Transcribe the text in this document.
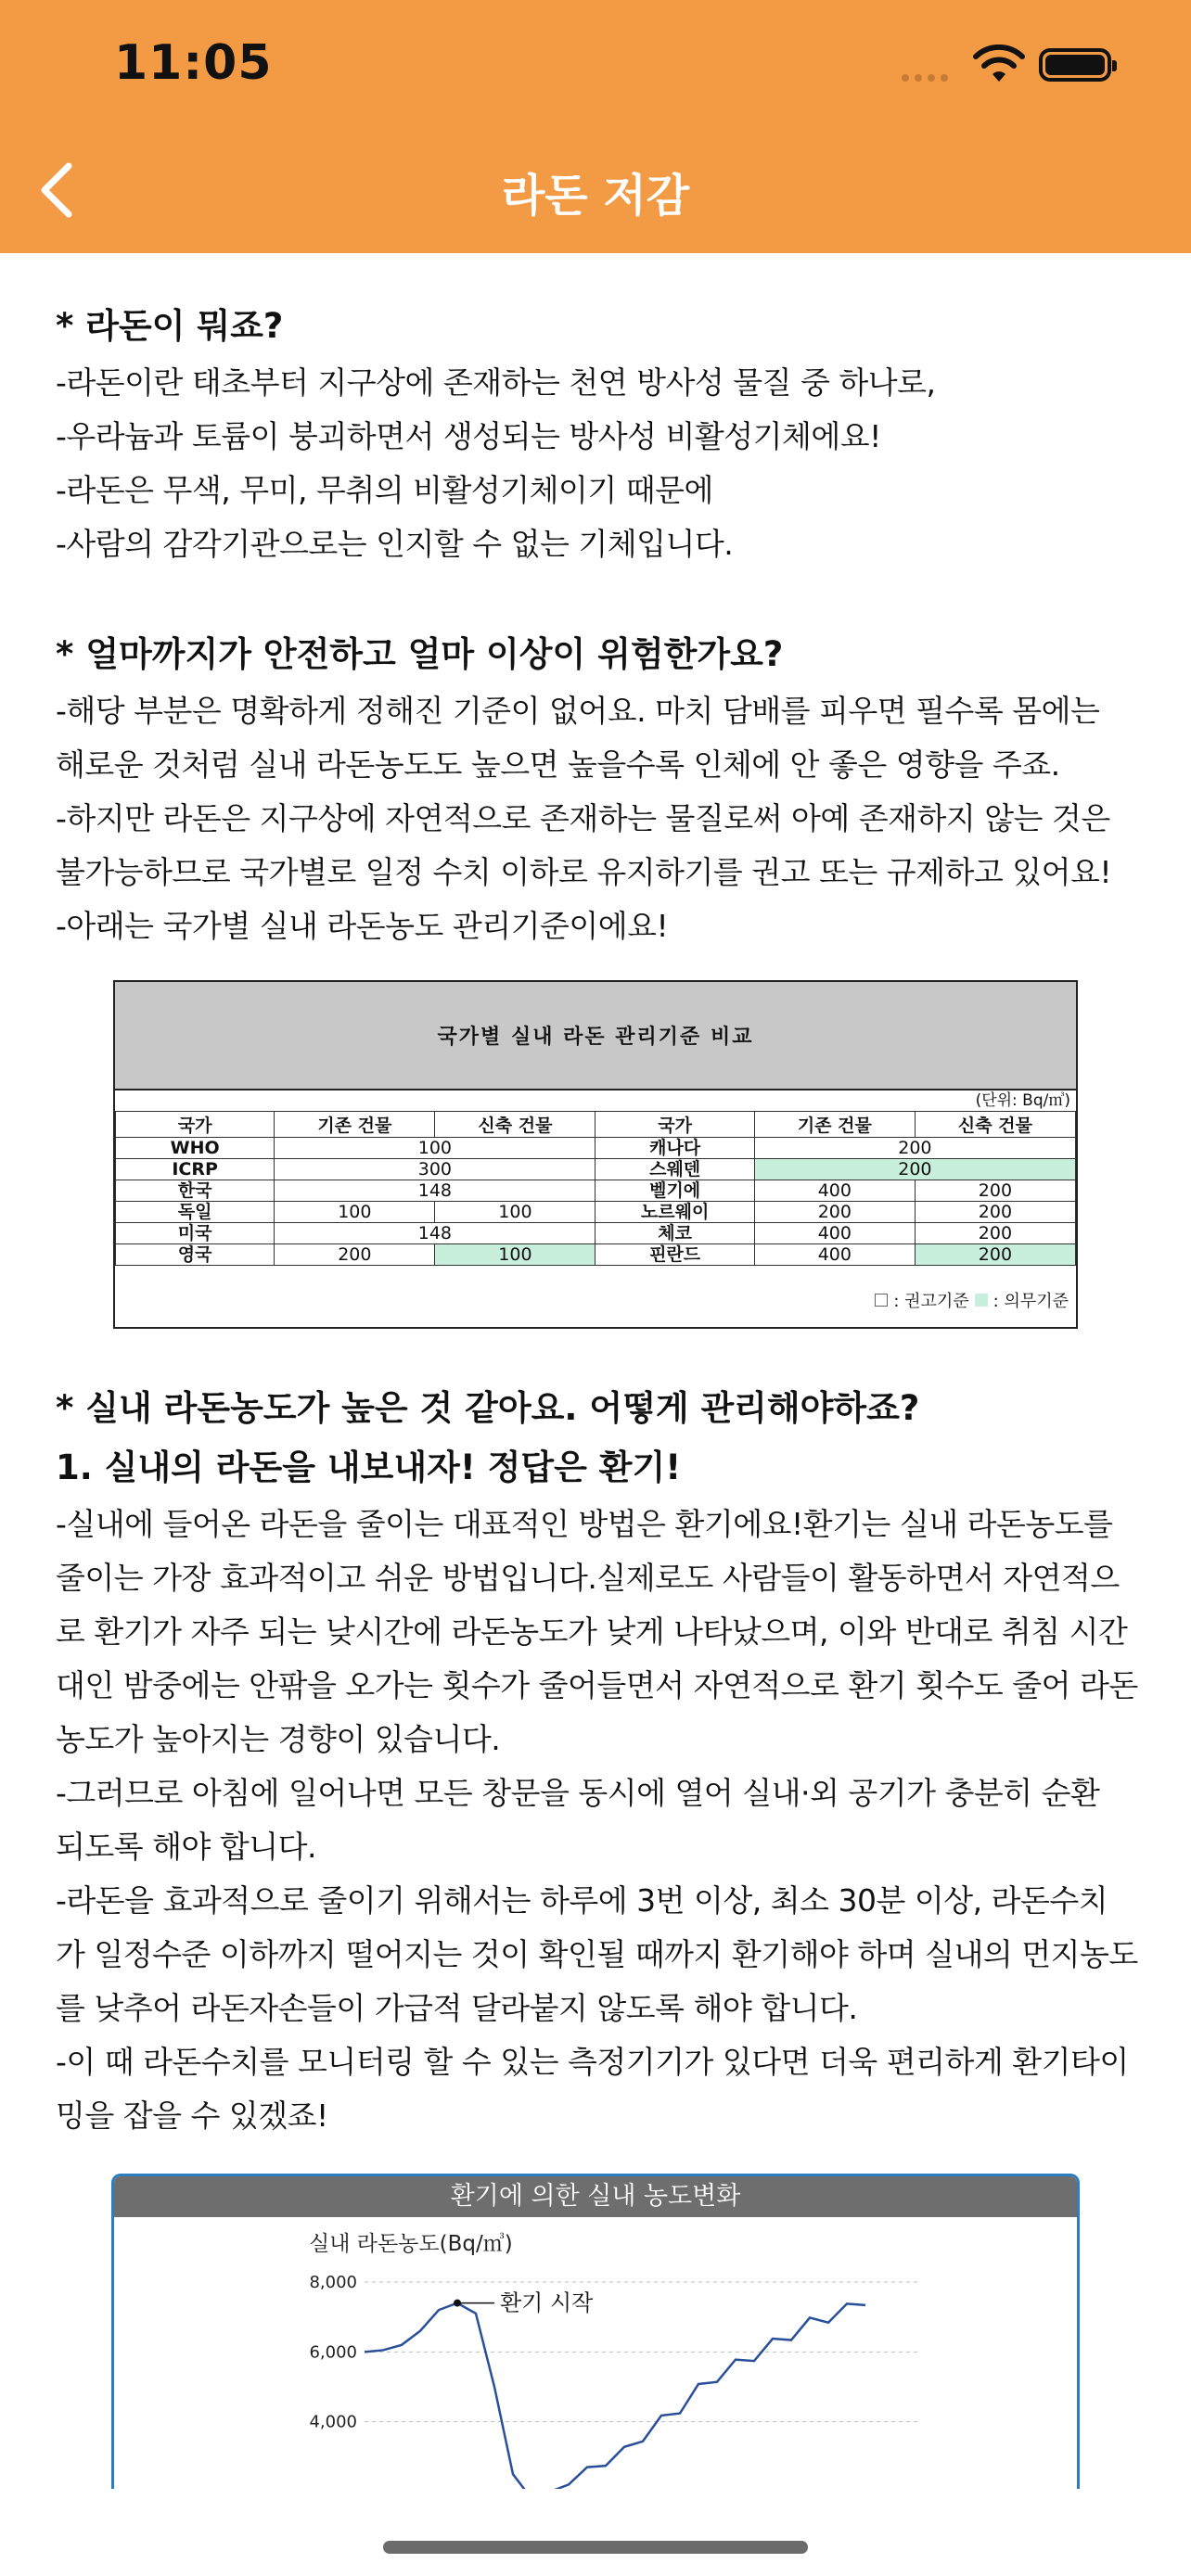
11:05
라돈 저감
* 라돈이 뭐죠?
-라돈이란 태초부터 지구상에 존재하는 천연 방사성 물질 중 하나로,
-우라늄과 토륨이 붕괴하면서 생성되는 방사성 비활성기체에요!
-라돈은 무색, 무미, 무취의 비활성기체이기 때문에
-사람의 감각기관으로는 인지할 수 없는 기체입니다.
* 얼마까지가 안전하고 얼마 이상이 위험한가요?
-해당 부분은 명확하게 정해진 기준이 없어요. 마치 담배를 피우면 필수록 몸에는
해로운 것처럼 실내 라돈농도도 높으면 높을수록 인체에 안 좋은 영향을 주죠.
-하지만 라돈은 지구상에 자연적으로 존재하는 물질로써 아예 존재하지 않는 것은
불가능하므로 국가별로 일정 수치 이하로 유지하기를 권고 또는 규제하고 있어요!
-아래는 국가별 실내 라돈농도 관리기준이에요!
국가별 실내 라돈 관리기준 비교
(단위: Bq/㎥)
국가	기존 건물	신축 건물	국가	기존 건물	신축 건물
WHO	100		캐나다	200	
ICRP	300		스웨덴	200	
한국	148		벨기에	400	200
독일	100	100	노르웨이	200	200
미국	148		체코	400	200
영국	200	100	핀란드	400	200
: 권고기준 : 의무기준
* 실내 라돈농도가 높은 것 같아요. 어떻게 관리해야하죠?
1. 실내의 라돈을 내보내자! 정답은 환기!
-실내에 들어온 라돈을 줄이는 대표적인 방법은 환기에요!환기는 실내 라돈농도를
줄이는 가장 효과적이고 쉬운 방법입니다.실제로도 사람들이 활동하면서 자연적으
로 환기가 자주 되는 낮시간에 라돈농도가 낮게 나타났으며, 이와 반대로 취침 시간
대인 밤중에는 안팎을 오가는 횟수가 줄어들면서 자연적으로 환기 횟수도 줄어 라돈
농도가 높아지는 경향이 있습니다.
-그러므로 아침에 일어나면 모든 창문을 동시에 열어 실내·외 공기가 충분히 순환
되도록 해야 합니다.
-라돈을 효과적으로 줄이기 위해서는 하루에 3번 이상, 최소 30분 이상, 라돈수치
가 일정수준 이하까지 떨어지는 것이 확인될 때까지 환기해야 하며 실내의 먼지농도
를 낮추어 라돈자손들이 가급적 달라붙지 않도록 해야 합니다.
-이 때 라돈수치를 모니터링 할 수 있는 측정기기가 있다면 더욱 편리하게 환기타이
밍을 잡을 수 있겠죠!
환기에 의한 실내 농도변화
실내 라돈농도(Bq/㎥)
8,000
6,000
4,000
환기 시작
